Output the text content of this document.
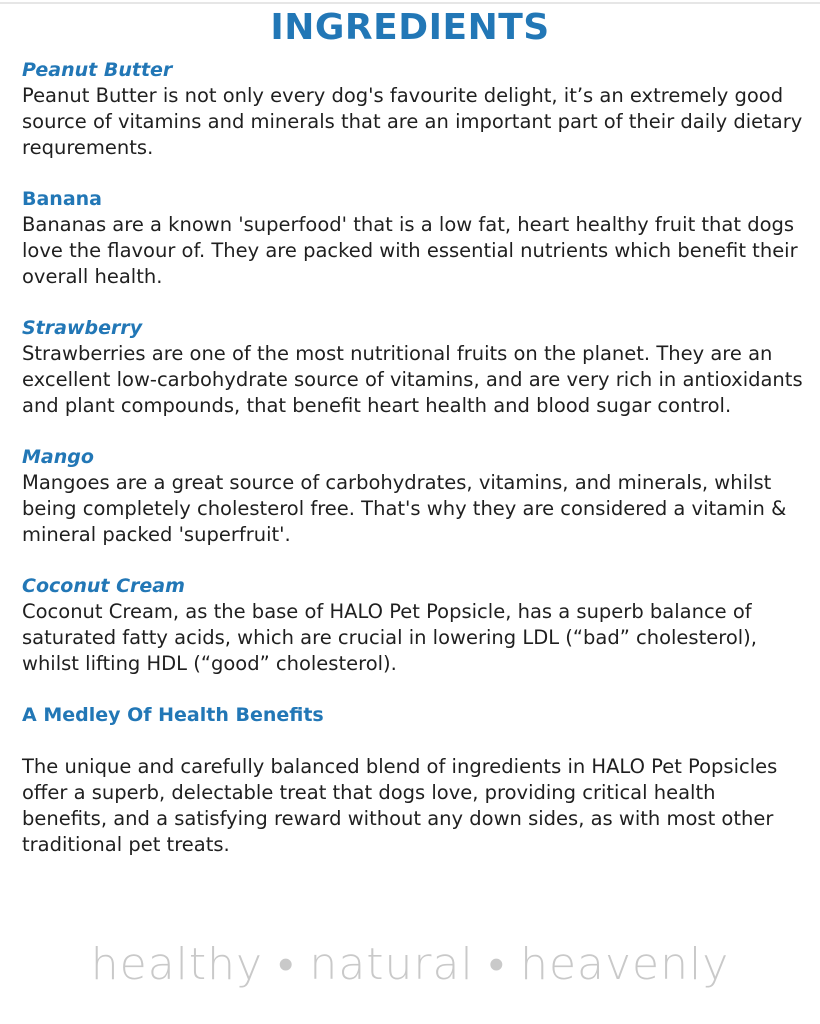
INGREDIENTS

Peanut Butter

Peanut Butter is not only every dog's favourite delight, it’s an extremely good source of vitamins and minerals that are an important part of their daily dietary requrements.

Banana

Bananas are a known 'superfood' that is a low fat, heart healthy fruit that dogs love the flavour of. They are packed with essential nutrients which benefit their overall health.

Strawberry

Strawberries are one of the most nutritional fruits on the planet. They are an excellent low-carbohydrate source of vitamins, and are very rich in antioxidants and plant compounds, that benefit heart health and blood sugar control.

Mango

Mangoes are a great source of carbohydrates, vitamins, and minerals, whilst being completely cholesterol free. That's why they are considered a vitamin & mineral packed 'superfruit'.

Coconut Cream

Coconut Cream, as the base of HALO Pet Popsicle, has a superb balance of saturated fatty acids, which are crucial in lowering LDL (“bad” cholesterol), whilst lifting HDL (“good” cholesterol).

A Medley Of Health Benefits

The unique and carefully balanced blend of ingredients in HALO Pet Popsicles offer a superb, delectable treat that dogs love, providing critical health benefits, and a satisfying reward without any down sides, as with most other traditional pet treats.

healthy • natural • heavenly
